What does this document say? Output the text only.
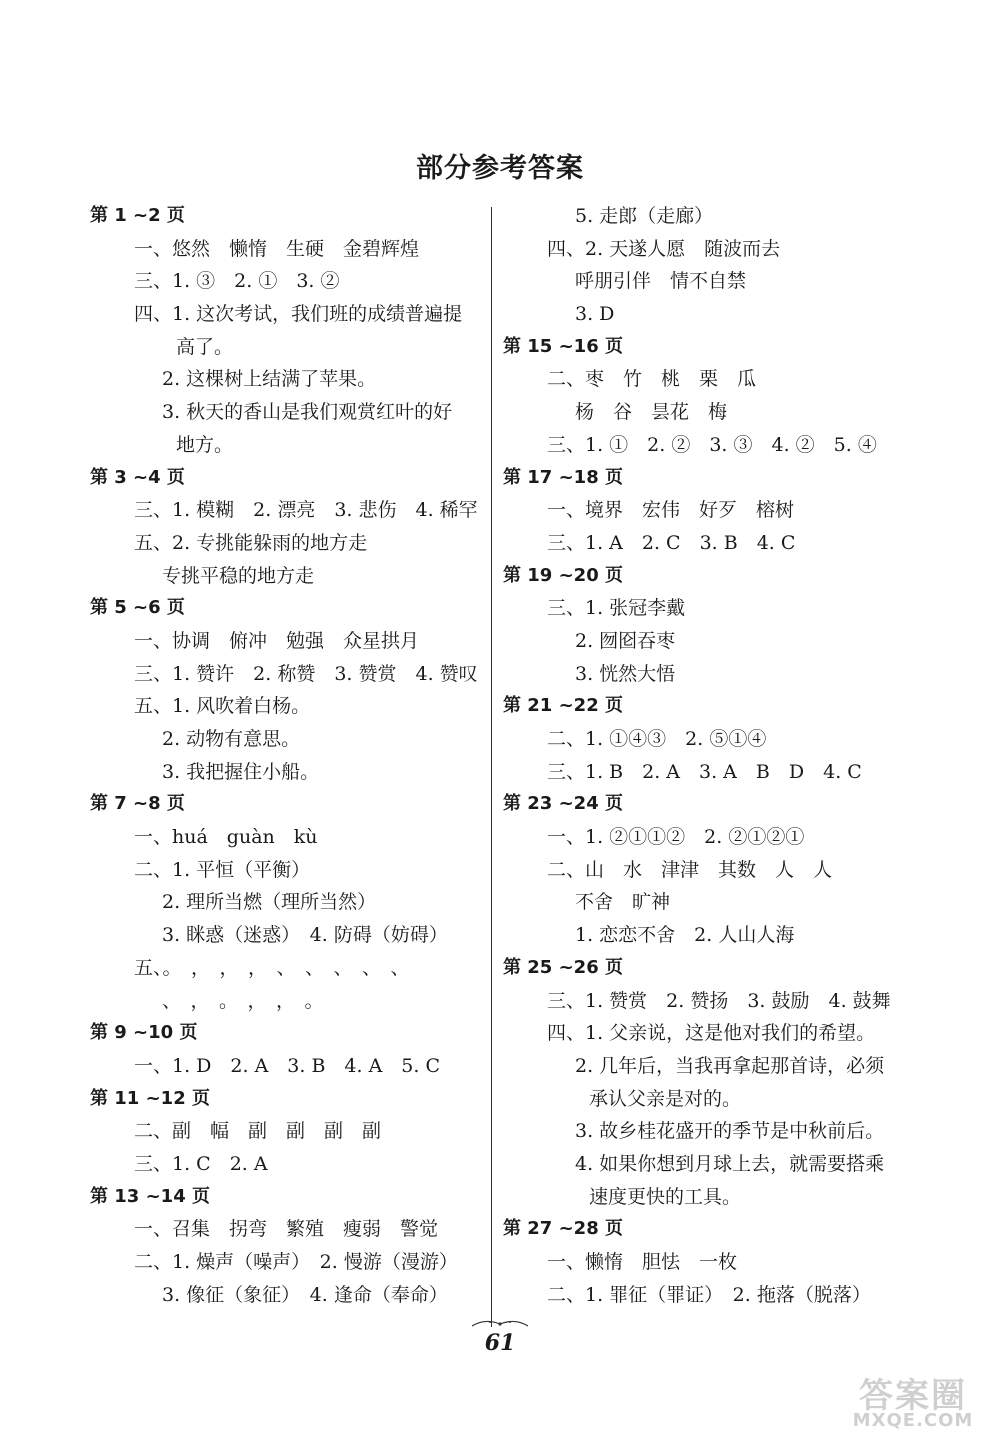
部分参考答案
第 1 ~2 页
一、悠然　懒惰　生硬　金碧辉煌
三、1. ③　2. ①　3. ②
四、1. 这次考试，我们班的成绩普遍提
高了。
2. 这棵树上结满了苹果。
3. 秋天的香山是我们观赏红叶的好
地方。
第 3 ~4 页
三、1. 模糊　2. 漂亮　3. 悲伤　4. 稀罕
五、2. 专挑能躲雨的地方走
专挑平稳的地方走
第 5 ~6 页
一、协调　俯冲　勉强　众星拱月
三、1. 赞许　2. 称赞　3. 赞赏　4. 赞叹
五、1. 风吹着白杨。
2. 动物有意思。
3. 我把握住小船。
第 7 ~8 页
一、huá　guàn　kù
二、1. 平恒（平衡）
2. 理所当燃（理所当然）
3. 眯惑（迷惑）　4. 防碍（妨碍）
五、。　，　，　，　、　、　、　、　、
、　，　。　，　，　。
第 9 ~10 页
一、1. D　2. A　3. B　4. A　5. C
第 11 ~12 页
二、副　幅　副　副　副　副
三、1. C　2. A
第 13 ~14 页
一、召集　拐弯　繁殖　瘦弱　警觉
二、1. 燥声（噪声）　2. 慢游（漫游）
3. 像征（象征）　4. 逢命（奉命）
5. 走郎（走廊）
四、2. 天遂人愿　随波而去
呼朋引伴　情不自禁
3. D
第 15 ~16 页
二、枣　竹　桃　栗　瓜
杨　谷　昙花　梅
三、1. ①　2. ②　3. ③　4. ②　5. ④
第 17 ~18 页
一、境界　宏伟　好歹　榕树
三、1. A　2. C　3. B　4. C
第 19 ~20 页
三、1. 张冠李戴
2. 囫囵吞枣
3. 恍然大悟
第 21 ~22 页
二、1. ①④③　2. ⑤①④
三、1. B　2. A　3. A　B　D　4. C
第 23 ~24 页
一、1. ②①①②　2. ②①②①
二、山　水　津津　其数　人　人
不舍　旷神
1. 恋恋不舍　2. 人山人海
第 25 ~26 页
三、1. 赞赏　2. 赞扬　3. 鼓励　4. 鼓舞
四、1. 父亲说，这是他对我们的希望。
2. 几年后，当我再拿起那首诗，必须
承认父亲是对的。
3. 故乡桂花盛开的季节是中秋前后。
4. 如果你想到月球上去，就需要搭乘
速度更快的工具。
第 27 ~28 页
一、懒惰　胆怯　一枚
二、1. 罪征（罪证）　2. 拖落（脱落）
61
答案圈
MXQE.COM
